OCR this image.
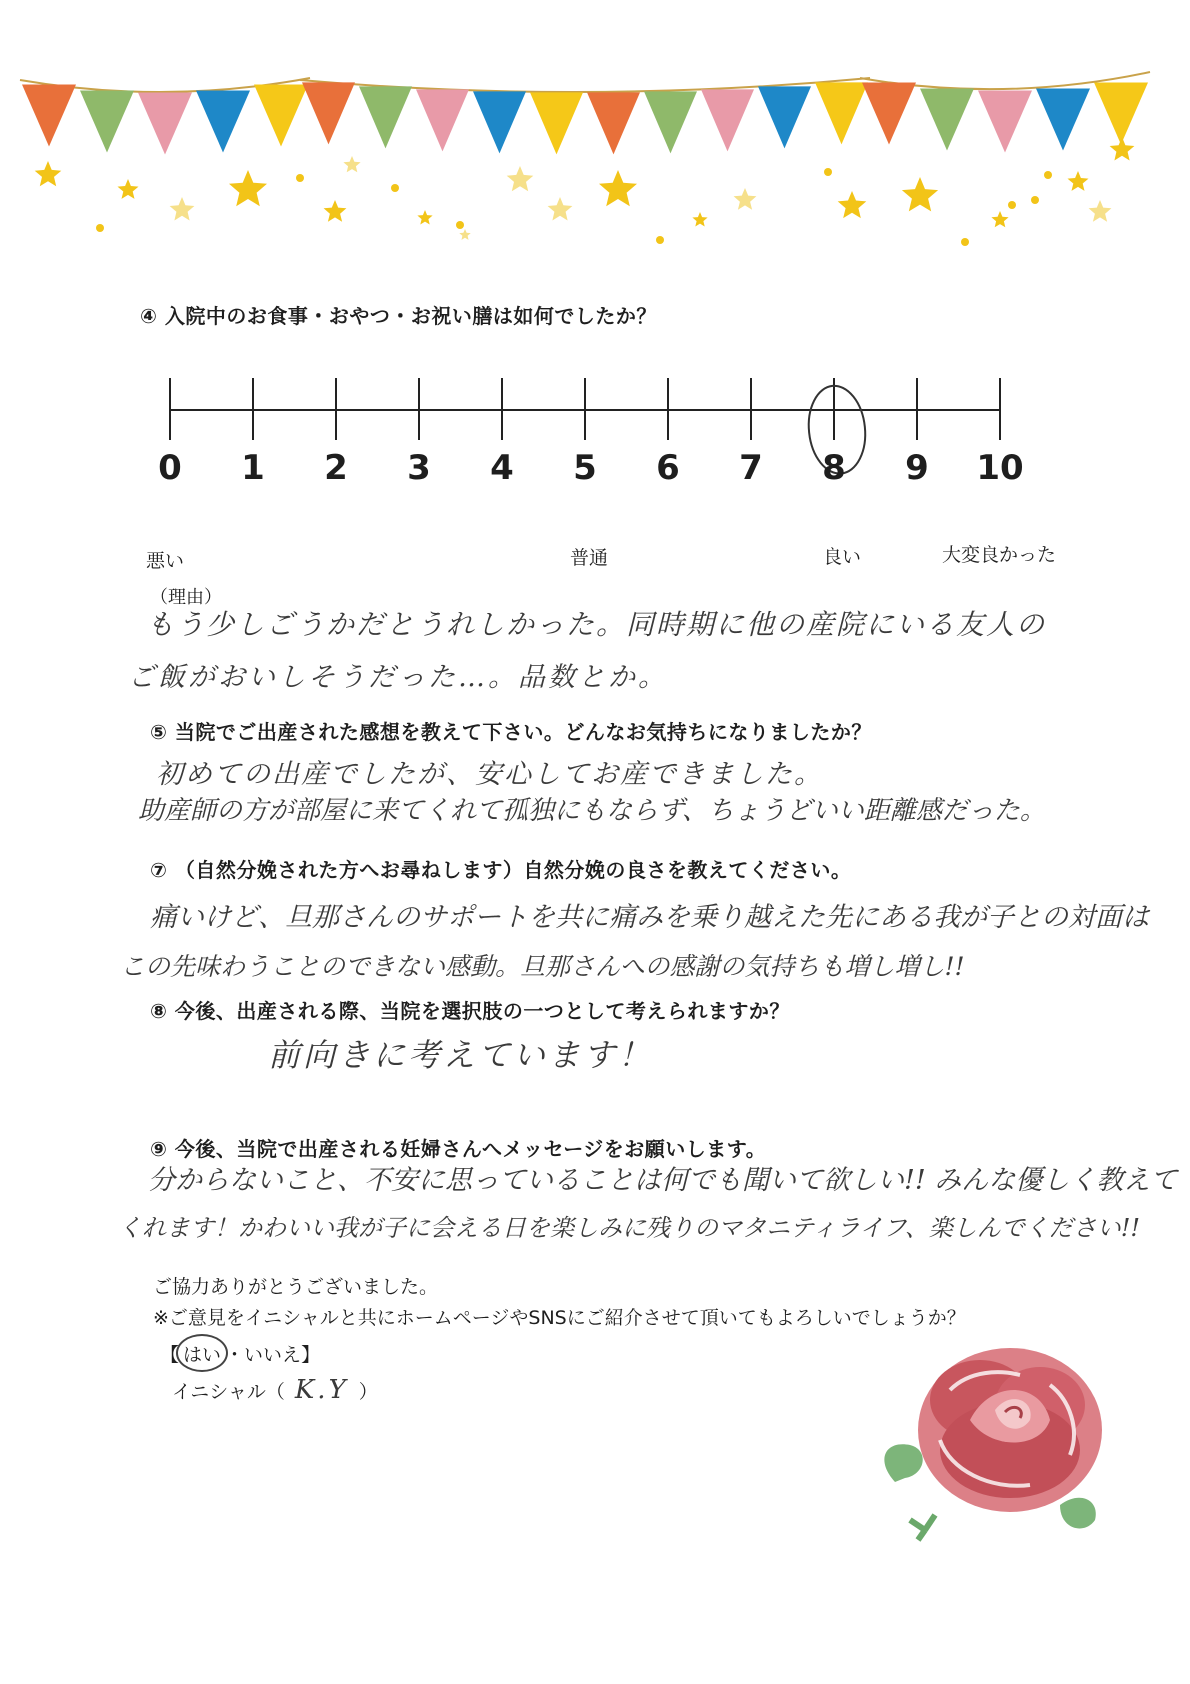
④ 入院中のお食事・おやつ・お祝い膳は如何でしたか？
0	1	2	3	4	5	6	7	8	9	10
悪い	普通	良い	大変良かった
（理由）
もう少しごうかだとうれしかった。同時期に他の産院にいる友人の
ご飯がおいしそうだった…。品数とか。
⑤ 当院でご出産された感想を教えて下さい。どんなお気持ちになりましたか？
初めての出産でしたが、安心してお産できました。
助産師の方が部屋に来てくれて孤独にもならず、ちょうどいい距離感だった。
⑦ （自然分娩された方へお尋ねします）自然分娩の良さを教えてください。
痛いけど、旦那さんのサポートを共に痛みを乗り越えた先にある我が子との対面は
この先味わうことのできない感動。旦那さんへの感謝の気持ちも増し増し!!
⑧ 今後、出産される際、当院を選択肢の一つとして考えられますか？
前向きに考えています！
⑨ 今後、当院で出産される妊婦さんへメッセージをお願いします。
分からないこと、不安に思っていることは何でも聞いて欲しい!! みんな優しく教えて
くれます！かわいい我が子に会える日を楽しみに残りのマタニティライフ、楽しんでください!!
ご協力ありがとうございました。
※ご意見をイニシャルと共にホームページやSNSにご紹介させて頂いてもよろしいでしょうか？
【 はい ・いいえ】
イニシャル（ K.Y ）
